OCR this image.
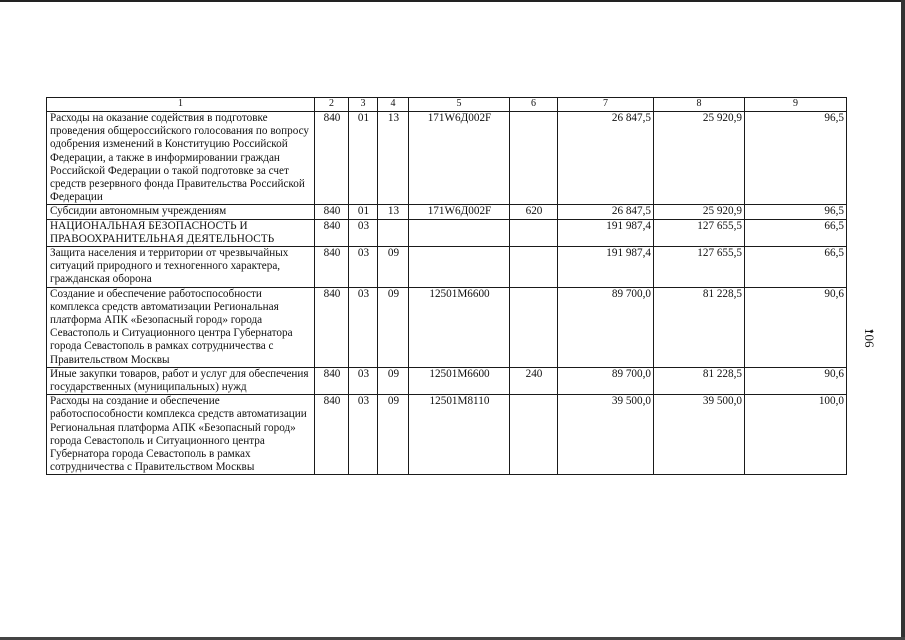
1	2	3	4	5	6	7	8	9
Расходы на оказание содействия в подготовке проведения общероссийского голосования по вопросу одобрения изменений в Конституцию Российской Федерации, а также в информировании граждан Российской Федерации о такой подготовке за счет средств резервного фонда Правительства Российской Федерации	840	01	13	171W6Д002F		26 847,5	25 920,9	96,5
Субсидии автономным учреждениям	840	01	13	171W6Д002F	620	26 847,5	25 920,9	96,5
НАЦИОНАЛЬНАЯ БЕЗОПАСНОСТЬ И ПРАВООХРАНИТЕЛЬНАЯ ДЕЯТЕЛЬНОСТЬ	840	03				191 987,4	127 655,5	66,5
Защита населения и территории от чрезвычайных ситуаций природного и техногенного характера, гражданская оборона	840	03	09			191 987,4	127 655,5	66,5
Создание и обеспечение работоспособности комплекса средств автоматизации Региональная платформа АПК «Безопасный город» города Севастополь и Ситуационного центра Губернатора города Севастополь в рамках сотрудничества с Правительством Москвы	840	03	09	12501М6600		89 700,0	81 228,5	90,6
Иные закупки товаров, работ и услуг для обеспечения государственных (муниципальных) нужд	840	03	09	12501М6600	240	89 700,0	81 228,5	90,6
Расходы на создание и обеспечение работоспособности комплекса средств автоматизации Региональная платформа АПК «Безопасный город» города Севастополь и Ситуационного центра Губернатора города Севастополь в рамках сотрудничества с Правительством Москвы	840	03	09	12501М8110		39 500,0	39 500,0	100,0
106
